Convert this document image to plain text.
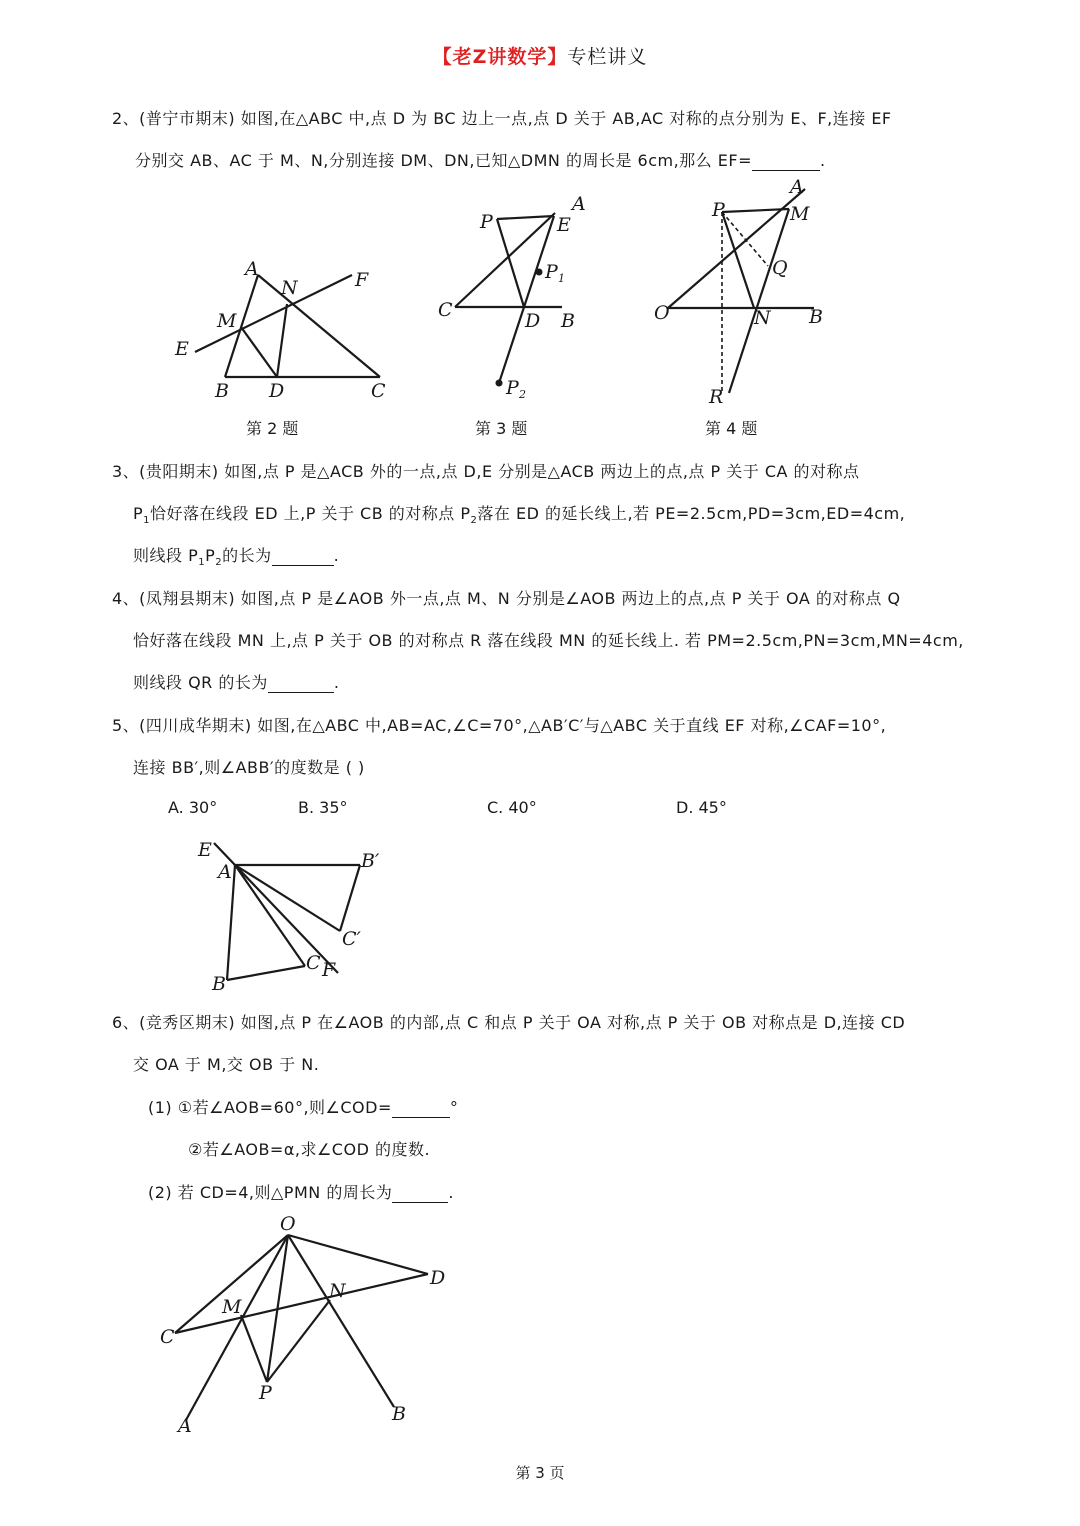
【老Z讲数学】专栏讲义
2、(普宁市期末) 如图,在△ABC 中,点 D 为 BC 边上一点,点 D 关于 AB,AC 对称的点分别为 E、F,连接 EF
分别交 AB、AC 于 M、N,分别连接 DM、DN,已知△DMN 的周长是 6cm,那么 EF=	.
A
N	F
M
E
B D	C
P	E
A
P 1
C	D B
P 2
A
P	M
Q
O	N B
R
第 2 题	第 3 题	第 4 题
3、(贵阳期末) 如图,点 P 是△ACB 外的一点,点 D,E 分别是△ACB 两边上的点,点 P 关于 CA 的对称点
$P_1$恰好落在线段 ED 上,P 关于 CB 的对称点 $P_2$落在 ED 的延长线上,若 PE=2.5cm,PD=3cm,ED=4cm,
则线段 $P_1P_2$的长为	.
4、(凤翔县期末) 如图,点 P 是∠AOB 外一点,点 M、N 分别是∠AOB 两边上的点,点 P 关于 OA 的对称点 Q
恰好落在线段 MN 上,点 P 关于 OB 的对称点 R 落在线段 MN 的延长线上. 若 PM=2.5cm,PN=3cm,MN=4cm,
则线段 QR 的长为	.
5、(四川成华期末) 如图,在△ABC 中,AB=AC,∠C=70°,△AB′C′与△ABC 关于直线 EF 对称,∠CAF=10°,
连接 BB′,则∠ABB′的度数是 ( )
A. 30°	B. 35°	C. 40°	D. 45°
E	B′
A
C′
C F
B
6、(竞秀区期末) 如图,点 P 在∠AOB 的内部,点 C 和点 P 关于 OA 对称,点 P 关于 OB 对称点是 D,连接 CD
交 OA 于 M,交 OB 于 N.
(1) ①若∠AOB=60°,则∠COD=	°
②若∠AOB=α,求∠COD 的度数.
(2) 若 CD=4,则△PMN 的周长为	.
O
D
M
N
C
P
A
B
第 3 页
